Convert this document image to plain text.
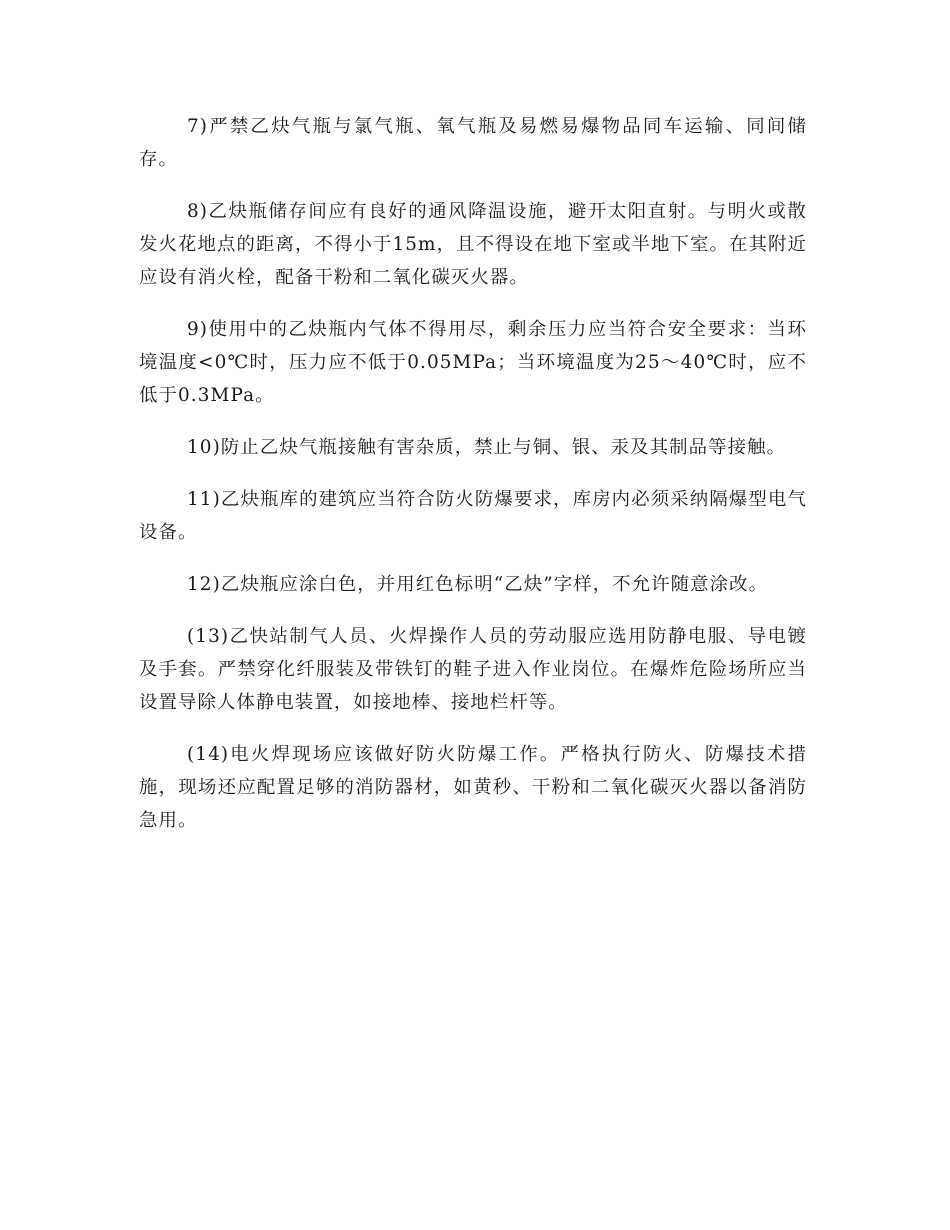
7)严禁乙炔气瓶与氯气瓶、氧气瓶及易燃易爆物品同车运输、同间储存。

8)乙炔瓶储存间应有良好的通风降温设施，避开太阳直射。与明火或散发火花地点的距离，不得小于15m，且不得设在地下室或半地下室。在其附近应设有消火栓，配备干粉和二氧化碳灭火器。

9)使用中的乙炔瓶内气体不得用尽，剩余压力应当符合安全要求：当环境温度<0℃时，压力应不低于0.05MPa；当环境温度为25～40℃时，应不低于0.3MPa。

10)防止乙炔气瓶接触有害杂质，禁止与铜、银、汞及其制品等接触。

11)乙炔瓶库的建筑应当符合防火防爆要求，库房内必须采纳隔爆型电气设备。

12)乙炔瓶应涂白色，并用红色标明“乙炔”字样，不允许随意涂改。

(13)乙快站制气人员、火焊操作人员的劳动服应选用防静电服、导电镀及手套。严禁穿化纤服装及带铁钉的鞋子进入作业岗位。在爆炸危险场所应当设置导除人体静电装置，如接地棒、接地栏杆等。

(14)电火焊现场应该做好防火防爆工作。严格执行防火、防爆技术措施，现场还应配置足够的消防器材，如黄秒、干粉和二氧化碳灭火器以备消防急用。
